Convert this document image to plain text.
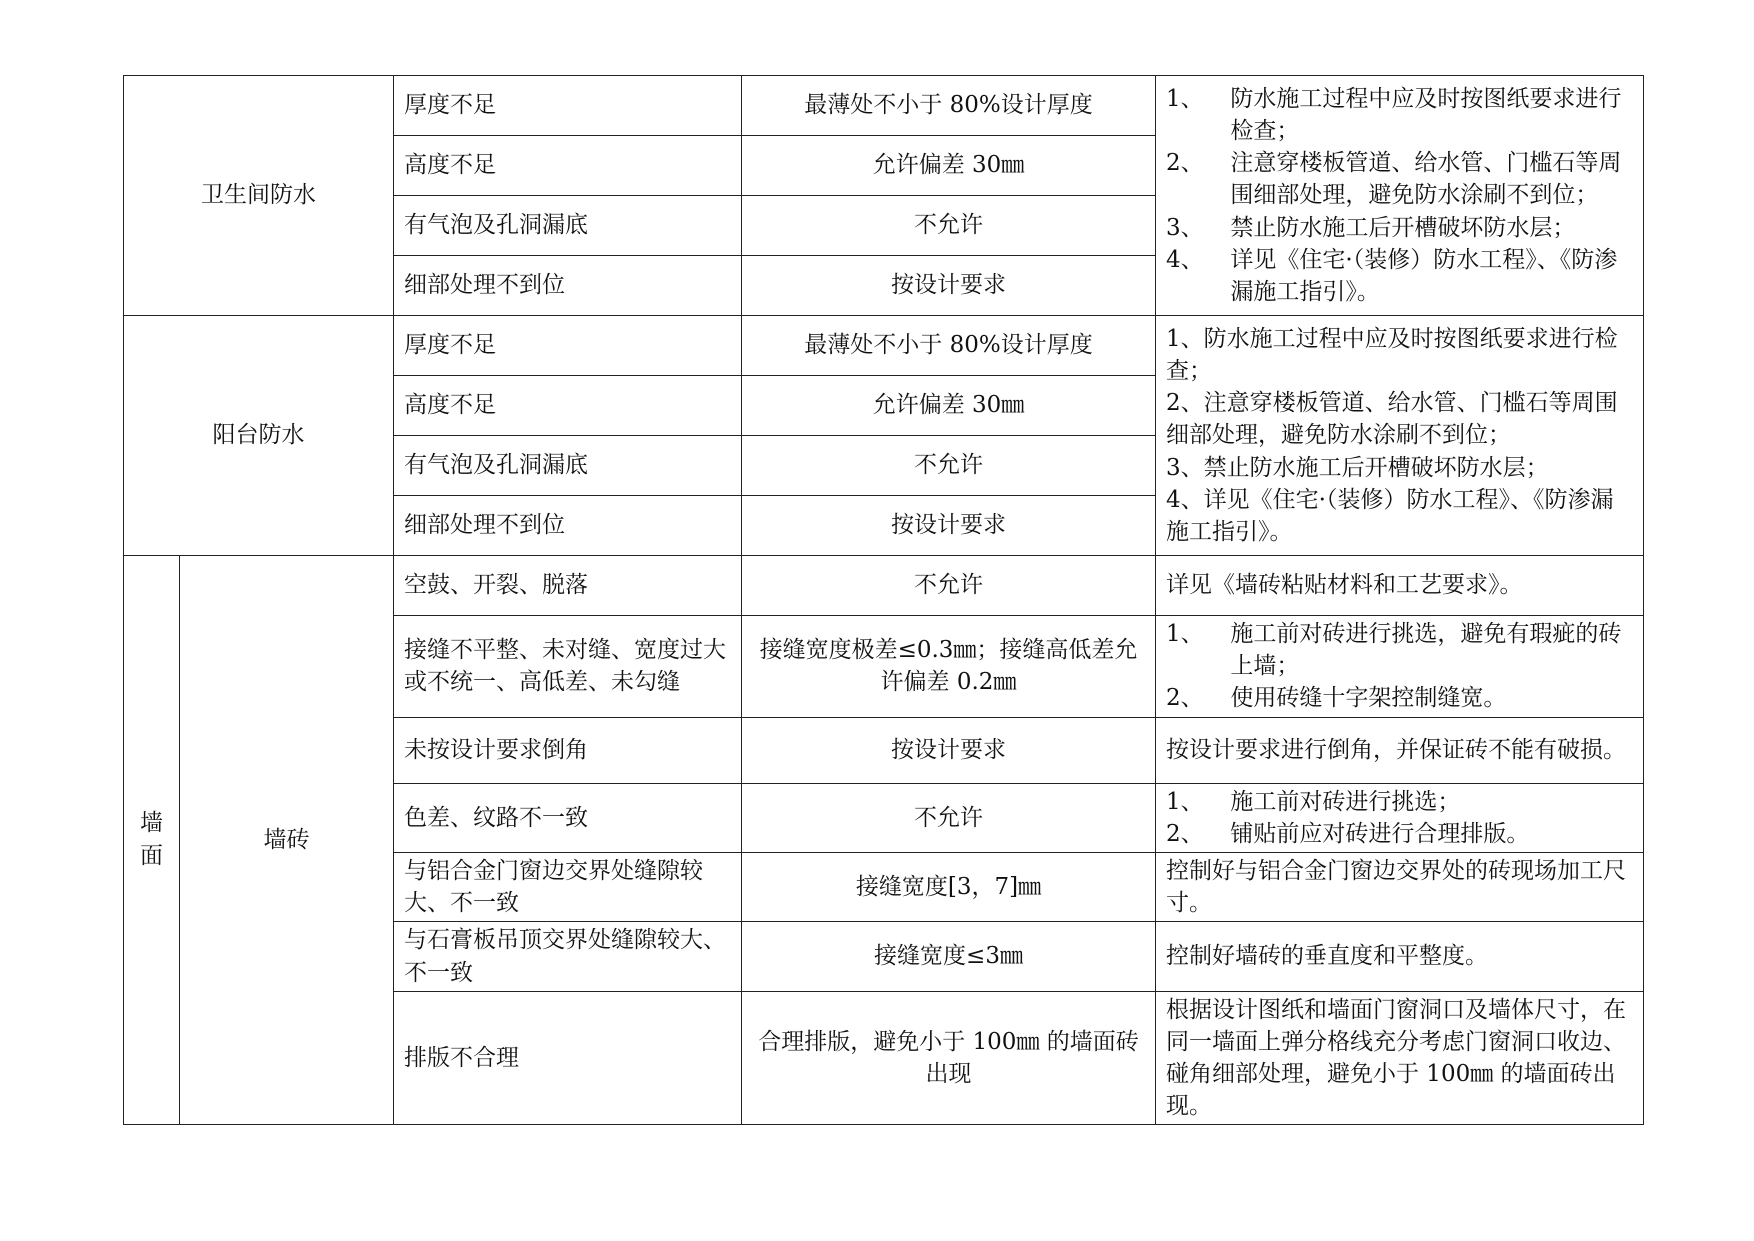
卫生间防水		厚度不足	最薄处不小于 80%设计厚度	1、 防水施工过程中应及时按图纸要求进行检查；
2、 注意穿楼板管道、给水管、门槛石等周围细部处理，避免防水涂刷不到位；
3、 禁止防水施工后开槽破坏防水层；
4、 详见《住宅·（装修）防水工程》、《防渗漏施工指引》。

		高度不足	允许偏差 30㎜	
		有气泡及孔洞漏底	不允许	
		细部处理不到位	按设计要求	
阳台防水		厚度不足	最薄处不小于 80%设计厚度	1、防水施工过程中应及时按图纸要求进行检查；
2、注意穿楼板管道、给水管、门槛石等周围细部处理，避免防水涂刷不到位；
3、禁止防水施工后开槽破坏防水层；
4、详见《住宅·（装修）防水工程》、《防渗漏施工指引》。
		高度不足	允许偏差 30㎜	
		有气泡及孔洞漏底	不允许	
		细部处理不到位	按设计要求	

墙面	墙砖	空鼓、开裂、脱落	不允许	详见《墙砖粘贴材料和工艺要求》。
		接缝不平整、未对缝、宽度过大或不统一、高低差、未勾缝	接缝宽度极差≤0.3㎜；接缝高低差允许偏差 0.2㎜	1、 施工前对砖进行挑选，避免有瑕疵的砖上墙；
2、 使用砖缝十字架控制缝宽。

		未按设计要求倒角	按设计要求	按设计要求进行倒角，并保证砖不能有破损。
		色差、纹路不一致	不允许	1、 施工前对砖进行挑选；
2、 铺贴前应对砖进行合理排版。

		与铝合金门窗边交界处缝隙较大、不一致	接缝宽度[3，7]㎜	控制好与铝合金门窗边交界处的砖现场加工尺寸。
		与石膏板吊顶交界处缝隙较大、不一致	接缝宽度≤3㎜	控制好墙砖的垂直度和平整度。
		排版不合理	合理排版，避免小于 100㎜ 的墙面砖出现	根据设计图纸和墙面门窗洞口及墙体尺寸，在同一墙面上弹分格线充分考虑门窗洞口收边、碰角细部处理，避免小于 100㎜ 的墙面砖出现。
